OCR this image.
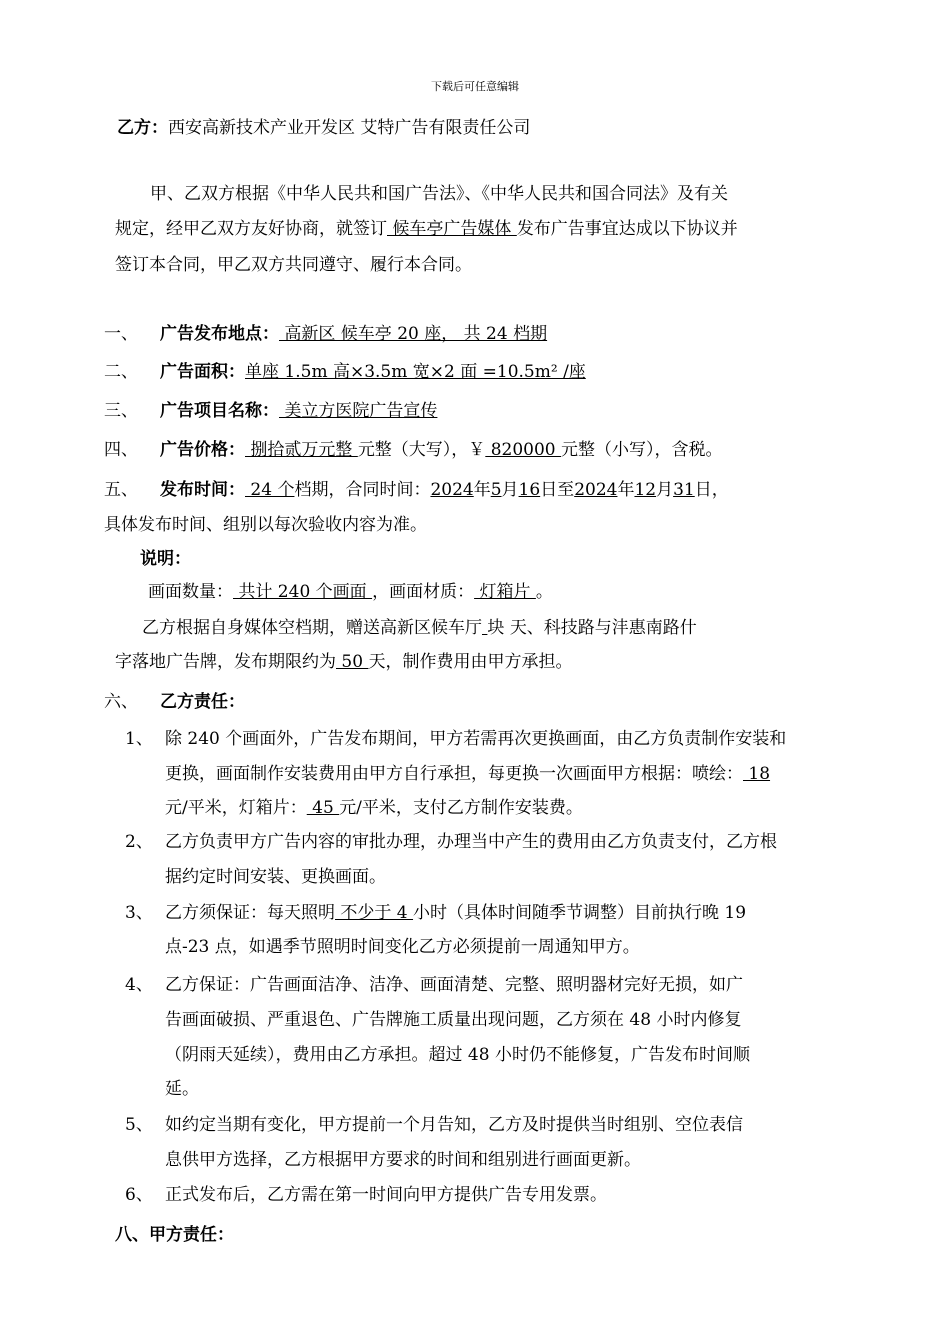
下载后可任意编辑
乙方：西安高新技术产业开发区 艾特广告有限责任公司
甲、乙双方根据《中华人民共和国广告法》、《中华人民共和国合同法》及有关
规定，经甲乙双方友好协商，就签订 候车亭广告媒体 发布广告事宜达成以下协议并
签订本合同，甲乙双方共同遵守、履行本合同。
一、 广告发布地点： 高新区 候车亭 20 座， 共 24 档期
二、 广告面积：单座 1.5m 高×3.5m 宽×2 面 =10.5m² /座
三、 广告项目名称： 美立方医院广告宣传
四、 广告价格： 捌拾贰万元整 元整（大写），￥ 820000 元整（小写），含税。
五、 发布时间： 24 个档期，合同时间：2024年5月16日至2024年12月31日，
具体发布时间、组别以每次验收内容为准。
说明：
画面数量： 共计 240 个画面 ，画面材质： 灯箱片 。
乙方根据自身媒体空档期，赠送高新区候车厅 块 天、科技路与沣惠南路什
字落地广告牌，发布期限约为 50 天，制作费用由甲方承担。
六、 乙方责任：
1、 除 240 个画面外，广告发布期间，甲方若需再次更换画面，由乙方负责制作安装和
更换，画面制作安装费用由甲方自行承担，每更换一次画面甲方根据：喷绘： 18
元/平米，灯箱片： 45 元/平米，支付乙方制作安装费。
2、 乙方负责甲方广告内容的审批办理，办理当中产生的费用由乙方负责支付，乙方根
据约定时间安装、更换画面。
3、 乙方须保证：每天照明 不少于 4 小时（具体时间随季节调整）目前执行晚 19
点-23 点，如遇季节照明时间变化乙方必须提前一周通知甲方。
4、 乙方保证：广告画面洁净、洁净、画面清楚、完整、照明器材完好无损，如广
告画面破损、严重退色、广告牌施工质量出现问题，乙方须在 48 小时内修复
（阴雨天延续），费用由乙方承担。超过 48 小时仍不能修复，广告发布时间顺
延。
5、 如约定当期有变化，甲方提前一个月告知，乙方及时提供当时组别、空位表信
息供甲方选择，乙方根据甲方要求的时间和组别进行画面更新。
6、 正式发布后，乙方需在第一时间向甲方提供广告专用发票。
八、甲方责任：
